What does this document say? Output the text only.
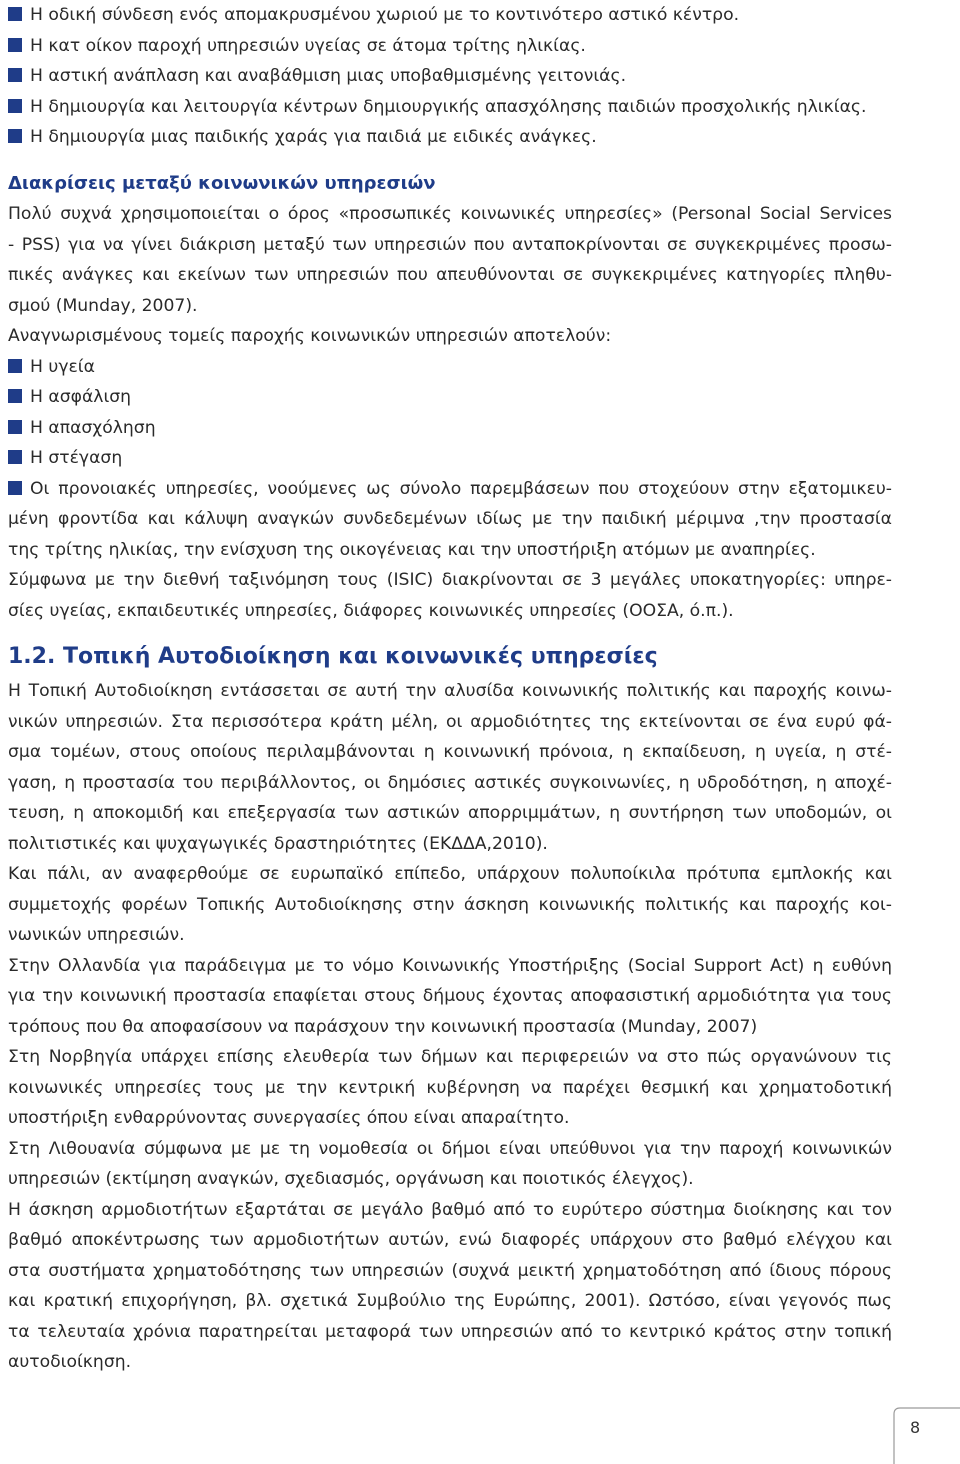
Η οδική σύνδεση ενός απομακρυσμένου χωριού με το κοντινότερο αστικό κέντρο.
Η κατ οίκον παροχή υπηρεσιών υγείας σε άτομα τρίτης ηλικίας.
Η αστική ανάπλαση και αναβάθμιση μιας υποβαθμισμένης γειτονιάς.
Η δημιουργία και λειτουργία κέντρων δημιουργικής απασχόλησης παιδιών προσχολικής ηλικίας.
Η δημιουργία μιας παιδικής χαράς για παιδιά με ειδικές ανάγκες.
Διακρίσεις μεταξύ κοινωνικών υπηρεσιών
Πολύ συχνά χρησιμοποιείται ο όρος «προσωπικές κοινωνικές υπηρεσίες» (Personal Social Services
- PSS) για να γίνει διάκριση μεταξύ των υπηρεσιών που ανταποκρίνονται σε συγκεκριμένες προσω-
πικές ανάγκες και εκείνων των υπηρεσιών που απευθύνονται σε συγκεκριμένες κατηγορίες πληθυ-
σμού (Munday, 2007).
Αναγνωρισμένους τομείς παροχής κοινωνικών υπηρεσιών αποτελούν:
Η υγεία
Η ασφάλιση
Η απασχόληση
Η στέγαση
Οι προνοιακές υπηρεσίες, νοούμενες ως σύνολο παρεμβάσεων που στοχεύουν στην εξατομικευ-
μένη φροντίδα και κάλυψη αναγκών συνδεδεμένων ιδίως με την παιδική μέριμνα ,την προστασία
της τρίτης ηλικίας, την ενίσχυση της οικογένειας και την υποστήριξη ατόμων με αναπηρίες.
Σύμφωνα με την διεθνή ταξινόμηση τους (ISIC) διακρίνονται σε 3 μεγάλες υποκατηγορίες: υπηρε-
σίες υγείας, εκπαιδευτικές υπηρεσίες, διάφορες κοινωνικές υπηρεσίες (ΟΟΣΑ, ό.π.).
1.2. Τοπική Αυτοδιοίκηση και κοινωνικές υπηρεσίες
Η Τοπική Αυτοδιοίκηση εντάσσεται σε αυτή την αλυσίδα κοινωνικής πολιτικής και παροχής κοινω-
νικών υπηρεσιών. Στα περισσότερα κράτη μέλη, οι αρμοδιότητες της εκτείνονται σε ένα ευρύ φά-
σμα τομέων, στους οποίους περιλαμβάνονται η κοινωνική πρόνοια, η εκπαίδευση, η υγεία, η στέ-
γαση, η προστασία του περιβάλλοντος, οι δημόσιες αστικές συγκοινωνίες, η υδροδότηση, η αποχέ-
τευση, η αποκομιδή και επεξεργασία των αστικών απορριμμάτων, η συντήρηση των υποδομών, οι
πολιτιστικές και ψυχαγωγικές δραστηριότητες (ΕΚΔΔΑ,2010).
Και πάλι, αν αναφερθούμε σε ευρωπαϊκό επίπεδο, υπάρχουν πολυποίκιλα πρότυπα εμπλοκής και
συμμετοχής φορέων Τοπικής Αυτοδιοίκησης στην άσκηση κοινωνικής πολιτικής και παροχής κοι-
νωνικών υπηρεσιών.
Στην Ολλανδία για παράδειγμα με το νόμο Κοινωνικής Υποστήριξης (Social Support Act) η ευθύνη
για την κοινωνική προστασία επαφίεται στους δήμους έχοντας αποφασιστική αρμοδιότητα για τους
τρόπους που θα αποφασίσουν να παράσχουν την κοινωνική προστασία (Munday, 2007)
Στη Νορβηγία υπάρχει επίσης ελευθερία των δήμων και περιφερειών να στο πώς οργανώνουν τις
κοινωνικές υπηρεσίες τους με την κεντρική κυβέρνηση να παρέχει θεσμική και χρηματοδοτική
υποστήριξη ενθαρρύνοντας συνεργασίες όπου είναι απαραίτητο.
Στη Λιθουανία σύμφωνα με με τη νομοθεσία οι δήμοι είναι υπεύθυνοι για την παροχή κοινωνικών
υπηρεσιών (εκτίμηση αναγκών, σχεδιασμός, οργάνωση και ποιοτικός έλεγχος).
Η άσκηση αρμοδιοτήτων εξαρτάται σε μεγάλο βαθμό από το ευρύτερο σύστημα διοίκησης και τον
βαθμό αποκέντρωσης των αρμοδιοτήτων αυτών, ενώ διαφορές υπάρχουν στο βαθμό ελέγχου και
στα συστήματα χρηματοδότησης των υπηρεσιών (συχνά μεικτή χρηματοδότηση από ίδιους πόρους
και κρατική επιχορήγηση, βλ. σχετικά Συμβούλιο της Ευρώπης, 2001). Ωστόσο, είναι γεγονός πως
τα τελευταία χρόνια παρατηρείται μεταφορά των υπηρεσιών από το κεντρικό κράτος στην τοπική
αυτοδιοίκηση.
8
